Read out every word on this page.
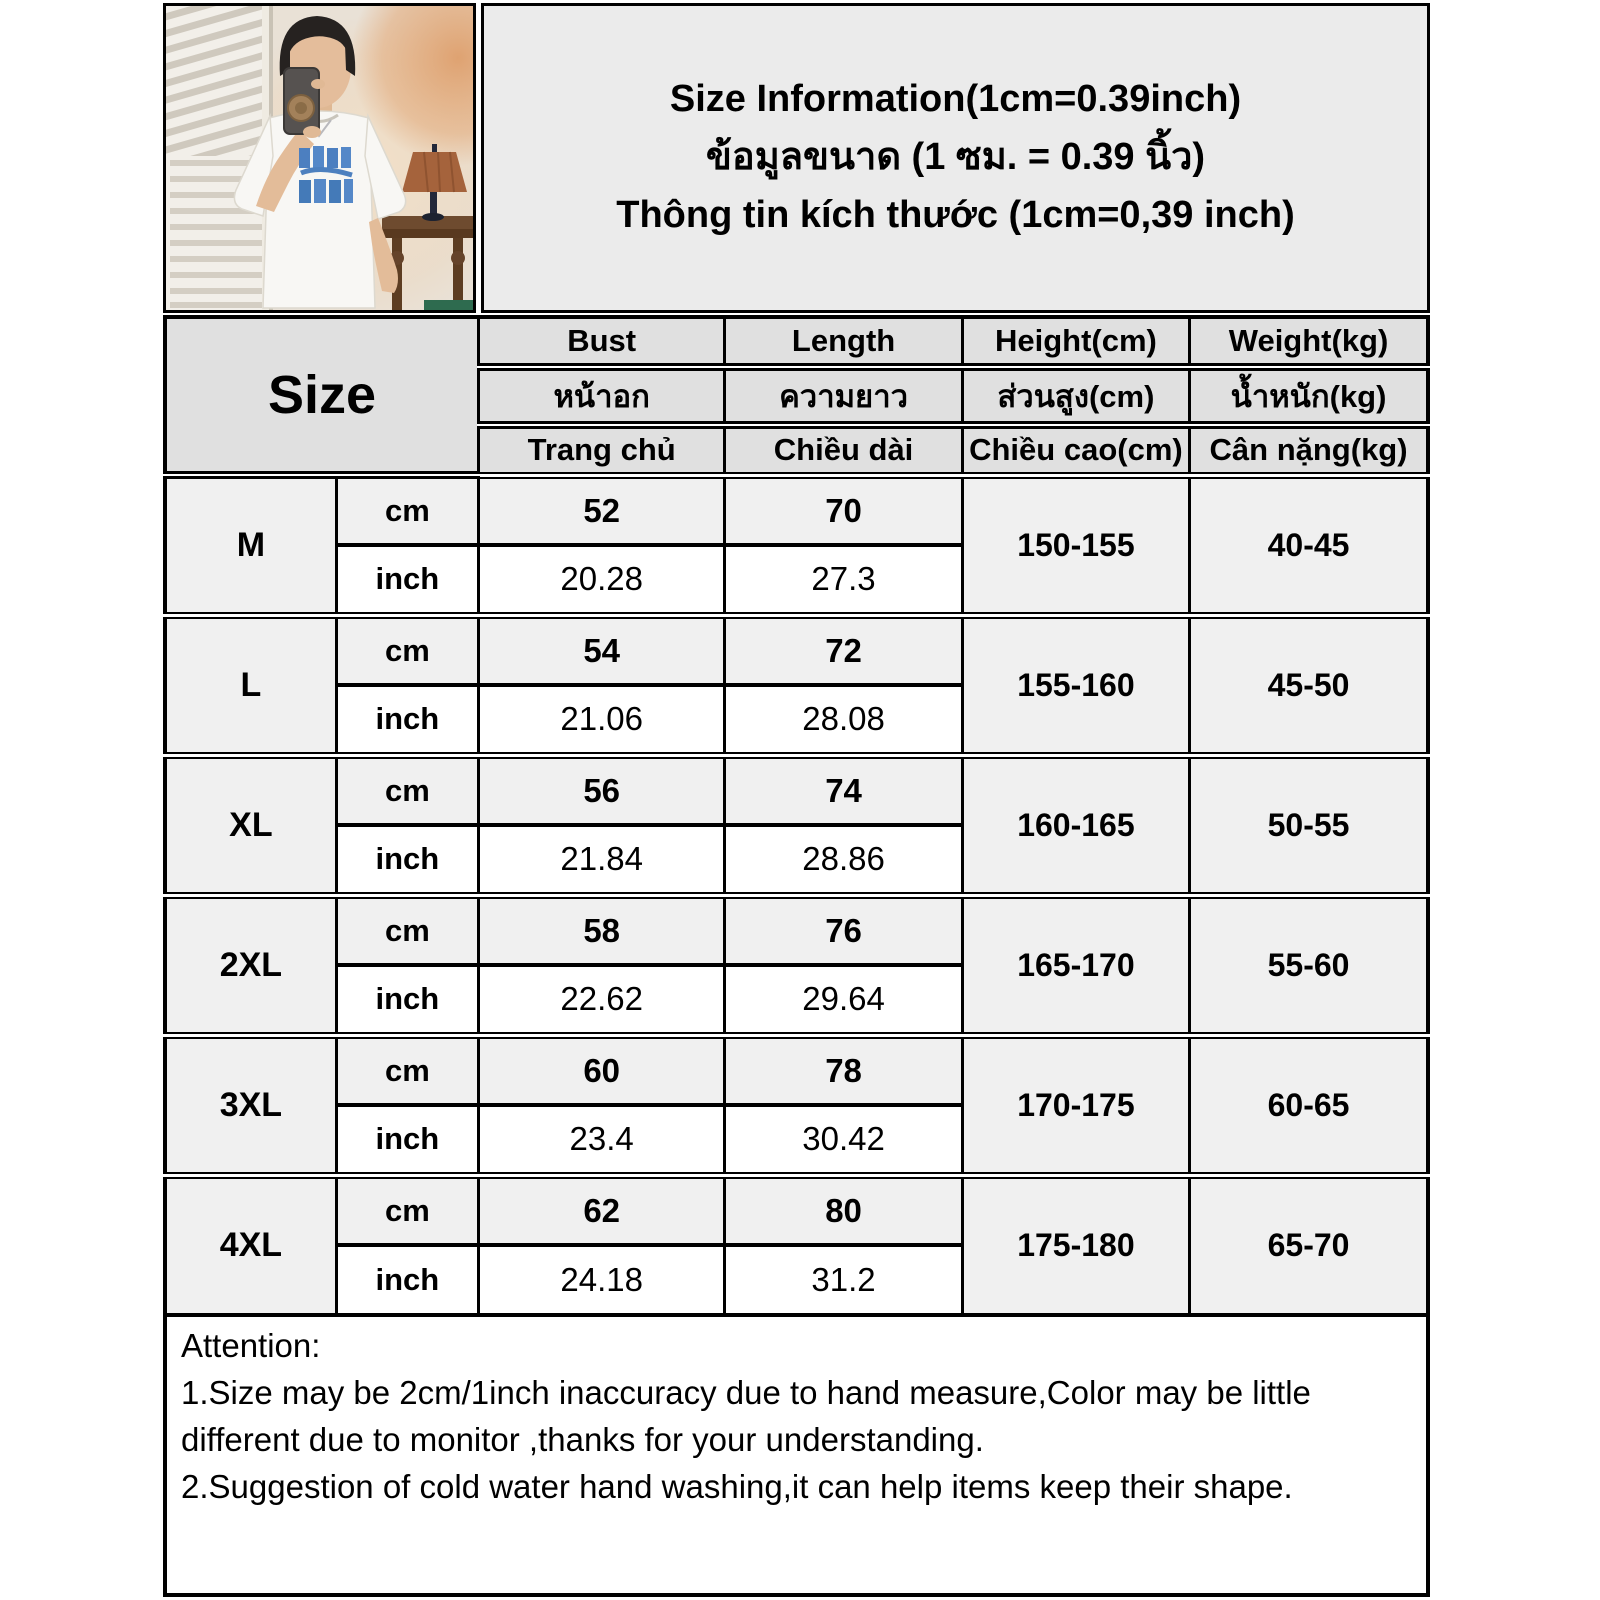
Size Information(1cm=0.39inch)
ข้อมูลขนาด (1 ซม. = 0.39 นิ้ว)
Thông tin kích thước (1cm=0,39 inch)
Size		Bust	Length	Height(cm)	Weight(kg)
		หน้าอก	ความยาว	ส่วนสูง(cm)	น้ำหนัก(kg)
		Trang chủ	Chiều dài	Chiều cao(cm)	Cân nặng(kg)
M	cm	52	70	150-155	40-45
	inch	20.28	27.3		
L	cm	54	72	155-160	45-50
	inch	21.06	28.08		
XL	cm	56	74	160-165	50-55
	inch	21.84	28.86		
2XL	cm	58	76	165-170	55-60
	inch	22.62	29.64		
3XL	cm	60	78	170-175	60-65
	inch	23.4	30.42		
4XL	cm	62	80	175-180	65-70
	inch	24.18	31.2		
Attention:
1.Size may be 2cm/1inch inaccuracy due to hand measure,Color may be little different due to monitor ,thanks for your understanding.
2.Suggestion of cold water hand washing,it can help items keep their shape.
